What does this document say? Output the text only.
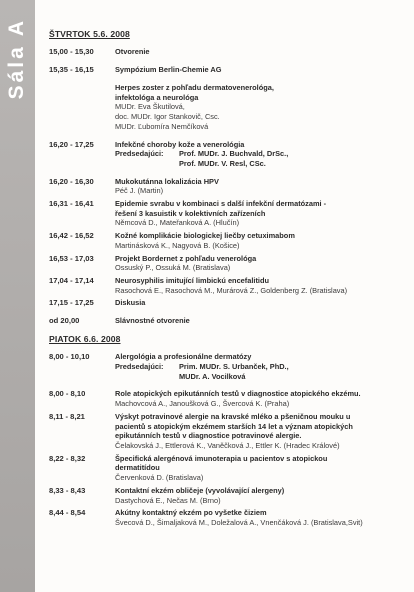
Sála A ŠTVRTOK 5.6. 2008
15,00 - 15,30	Otvorenie
15,35 - 16,15	Sympózium Berlin-Chemie AG
Herpes zoster z pohľadu dermatovenerológa,
infektológa a neurológa
MUDr. Eva Škutilová,
doc. MUDr. Igor Stankovič, Csc.
MUDr. Ľubomíra Nemčíková
16,20 - 17,25	Infekčné choroby kože a venerológia
Predsedajúci:	Prof. MUDr. J. Buchvald, DrSc.,
Prof. MUDr. V. Resl, CSc.
16,20 - 16,30	Mukokutánna lokalizácia HPV
Péč J. (Martin)
16,31 - 16,41	Epidemie svrabu v kombinaci s další infekční dermatózami -
řešení 3 kasuistik v kolektivních zařízeních
Němcová D., Mateřanková A. (Hlučín)
16,42 - 16,52	Kožné komplikácie biologickej liečby cetuximabom
Martinásková K., Nagyová B. (Košice)
16,53 - 17,03	Projekt Bordernet z pohľadu venerológa
Ossuský P., Ossuká M. (Bratislava)
17,04 - 17,14	Neurosyphilis imitující limbickú encefalitidu
Rasochová E., Rasochová M., Murárová Z., Goldenberg Z. (Bratislava)
17,15 - 17,25	Diskusia
od 20,00	Slávnostné otvorenie
PIATOK 6.6. 2008
8,00 - 10,10	Alergológia a profesionálne dermatózy
Predsedajúci:	Prim. MUDr. S. Urbanček, PhD.,
MUDr. A. Vocilková
8,00 - 8,10	Role atopických epikutánních testů v diagnostice atopického ekzému.
Machovcová A., Janoušková G., Švercová K. (Praha)
8,11 - 8,21	Výskyt potravinové alergie na kravské mléko a pšeničnou mouku u
pacientů s atopickým ekzémem starších 14 let a význam atopických
epikutánních testů v diagnostice potravinové alergie.
Čelakovská J., Ettlerová K., Vaněčková J., Ettler K. (Hradec Králové)
8,22 - 8,32	Špecifická alergénová imunoterapia u pacientov s atopickou
dermatitídou
Červenková D. (Bratislava)
8,33 - 8,43	Kontaktní ekzém obličeje (vyvolávající alergeny)
Dastychová E., Nečas M. (Brno)
8,44 - 8,54	Akútny kontaktný ekzém po vyšetke čiziem
Švecová D., Šimaljaková M., Doležalová A., Vnenčáková J. (Bratislava,Svit)
